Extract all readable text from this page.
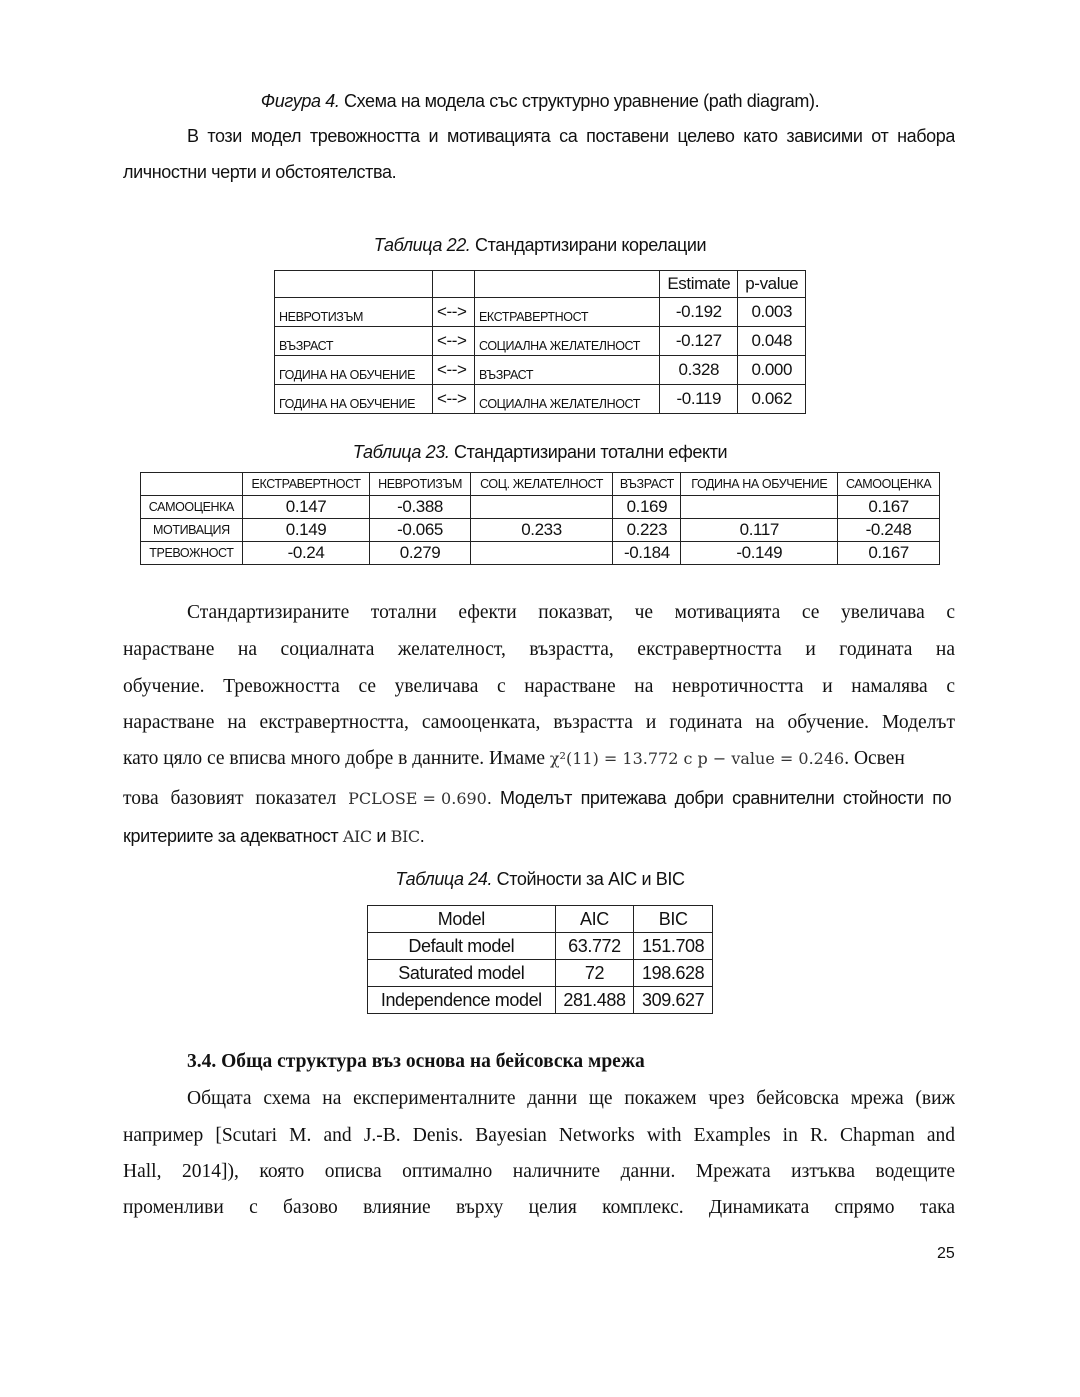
Фигура 4. Схема на модела със структурно уравнение (path diagram).
В този модел тревожността и мотивацията са поставени целево като зависими от набора
личностни черти и обстоятелства.
Таблица 22. Стандартизирани корелации
			Estimate	p-value
НЕВРОТИЗЪМ	<-->	ЕКСТРАВЕРТНОСТ	-0.192	0.003
ВЪЗРАСТ	<-->	СОЦИАЛНА ЖЕЛАТЕЛНОСТ	-0.127	0.048
ГОДИНА НА ОБУЧЕНИЕ	<-->	ВЪЗРАСТ	0.328	0.000
ГОДИНА НА ОБУЧЕНИЕ	<-->	СОЦИАЛНА ЖЕЛАТЕЛНОСТ	-0.119	0.062
Таблица 23. Стандартизирани тотални ефекти
	ЕКСТРАВЕРТНОСТ	НЕВРОТИЗЪМ	СОЦ. ЖЕЛАТЕЛНОСТ	ВЪЗРАСТ	ГОДИНА НА ОБУЧЕНИЕ	САМООЦЕНКА
САМООЦЕНКА	0.147	-0.388		0.169		0.167
МОТИВАЦИЯ	0.149	-0.065	0.233	0.223	0.117	-0.248
ТРЕВОЖНОСТ	-0.24	0.279		-0.184	-0.149	0.167
Стандартизираните тотални ефекти показват, че мотивацията се увеличава с
нарастване на социалната желателност, възрастта, екстравертността и годината на
обучение. Тревожността се увеличава с нарастване на невротичността и намалява с
нарастване на екстравертността, самооценката, възрастта и годината на обучение. Моделът
като цяло се вписва много добре в данните. Имаме χ²(11) = 13.772 с p − value = 0.246. Освен
това базовият показател PCLOSE = 0.690. Моделът притежава добри сравнителни стойности по
критериите за адекватност AIC и BIC.
Таблица 24. Стойности за AIC и BIC
Model	AIC	BIC
Default model	63.772	151.708
Saturated model	72	198.628
Independence model	281.488	309.627
3.4. Обща структура въз основа на бейсовска мрежа
Общата схема на експерименталните данни ще покажем чрез бейсовска мрежа (виж
например [Scutari M. and J.-B. Denis. Bayesian Networks with Examples in R. Chapman and
Hall, 2014]), която описва оптимално наличните данни. Мрежата изтъква водещите
променливи с базово влияние върху целия комплекс. Динамиката спрямо така
25
